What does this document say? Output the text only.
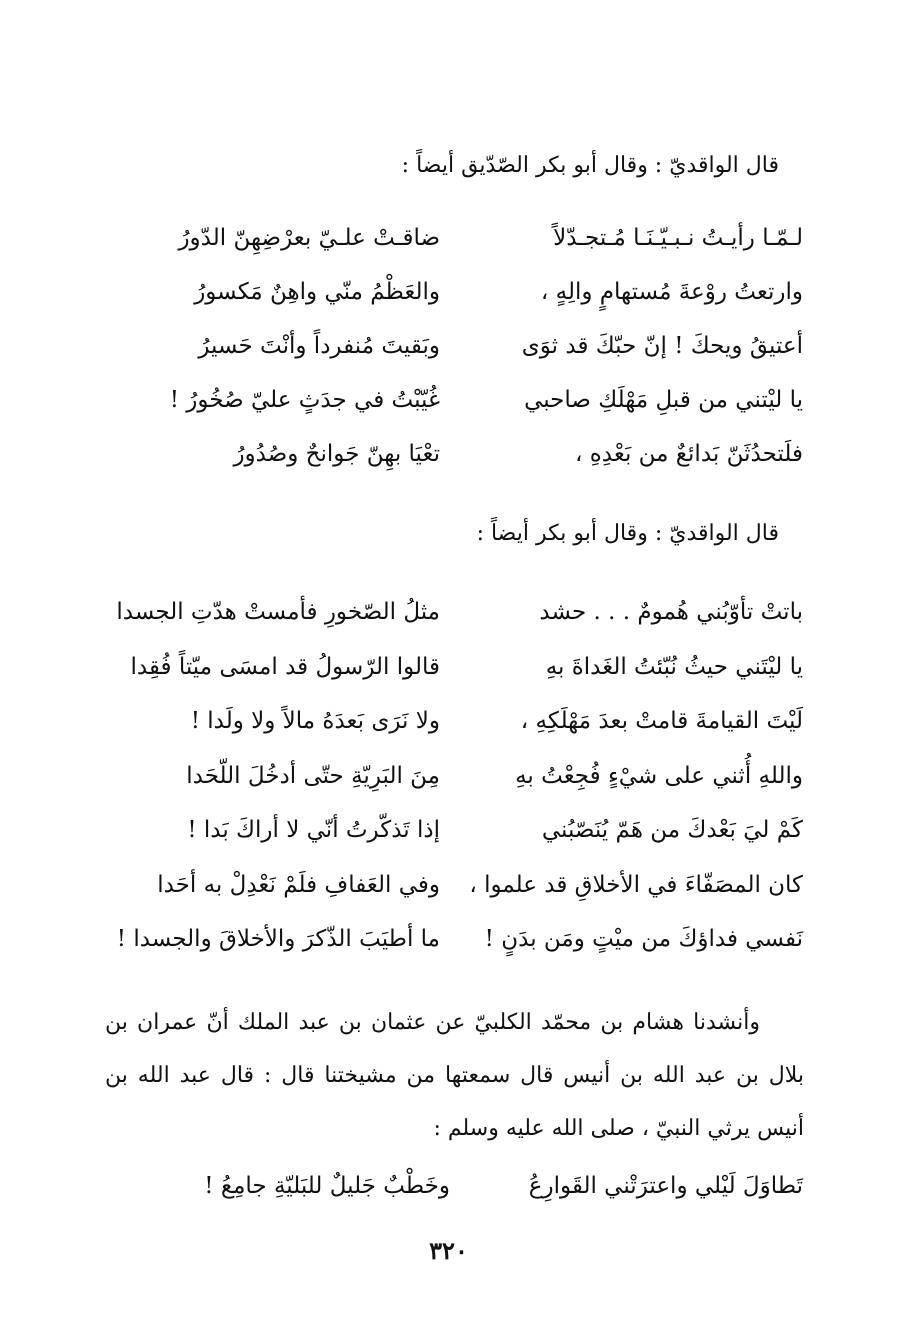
قال الواقديّ : وقال أبو بكر الصّدّيق أيضاً :
لـمّـا رأيـتُ نـبـيّـنَـا مُـتجـدّلاً
ضاقـتْ علـيّ بعرْضِهِنّ الدّورُ
وارتعتُ روْعةَ مُستهامٍ والِهٍ ،
والعَظْمُ منّي واهِنٌ مَكسورُ
أعتيقُ ويحكَ ! إنّ حبّكَ قد ثوَى
وبَقيتَ مُنفرداً وأنْتَ حَسيرُ
يا ليْتني من قبلِ مَهْلَكِ صاحبي
غُيّبْتُ في جدَثٍ عليّ صُخُورُ !
فلَتحدُثَنّ بَدائعٌ من بَعْدِهِ ،
تعْيَا بهِنّ جَوانحٌ وصُدُورُ
قال الواقديّ : وقال أبو بكر أيضاً :
باتتْ تأوّبُني هُمومٌ . . . حشد
مثلُ الصّخورِ فأمستْ هدّتِ الجسدا
يا ليْتَني حيثُ نُبّئتُ الغَداةَ بهِ
قالوا الرّسولُ قد امسَى ميّتاً فُقِدا
لَيْتَ القيامةَ قامتْ بعدَ مَهْلَكِهِ ،
ولا نَرَى بَعدَهُ مالاً ولا ولَدا !
واللهِ أُثني على شيْءٍ فُجِعْتُ بهِ
مِنَ البَرِيّةِ حتّى أدخُلَ اللّحَدا
كَمْ ليَ بَعْدكَ من هَمّ يُنَصّبُني
إذا تَذكّرتُ أنّي لا أراكَ بَدا !
كان المصَفّاءَ في الأخلاقِ قد علموا ،
وفي العَفافِ فلَمْ نَعْدِلْ به أحَدا
نَفسي فداؤكَ من ميْتٍ ومَن بدَنٍ !
ما أطيَبَ الذّكرَ والأخلاقَ والجسدا !

وأنشدنا هشام بن محمّد الكلبيّ عن عثمان بن عبد الملك أنّ عمران بن بلال بن عبد الله بن أنيس قال سمعتها من مشيختنا قال : قال عبد الله بن أنيس يرثي النبيّ ، صلى الله عليه وسلم :

تَطاوَلَ لَيْلي واعترَتْني القَوارِعُ
وخَطْبٌ جَليلٌ للبَليّةِ جامِعُ !
٣٢٠
